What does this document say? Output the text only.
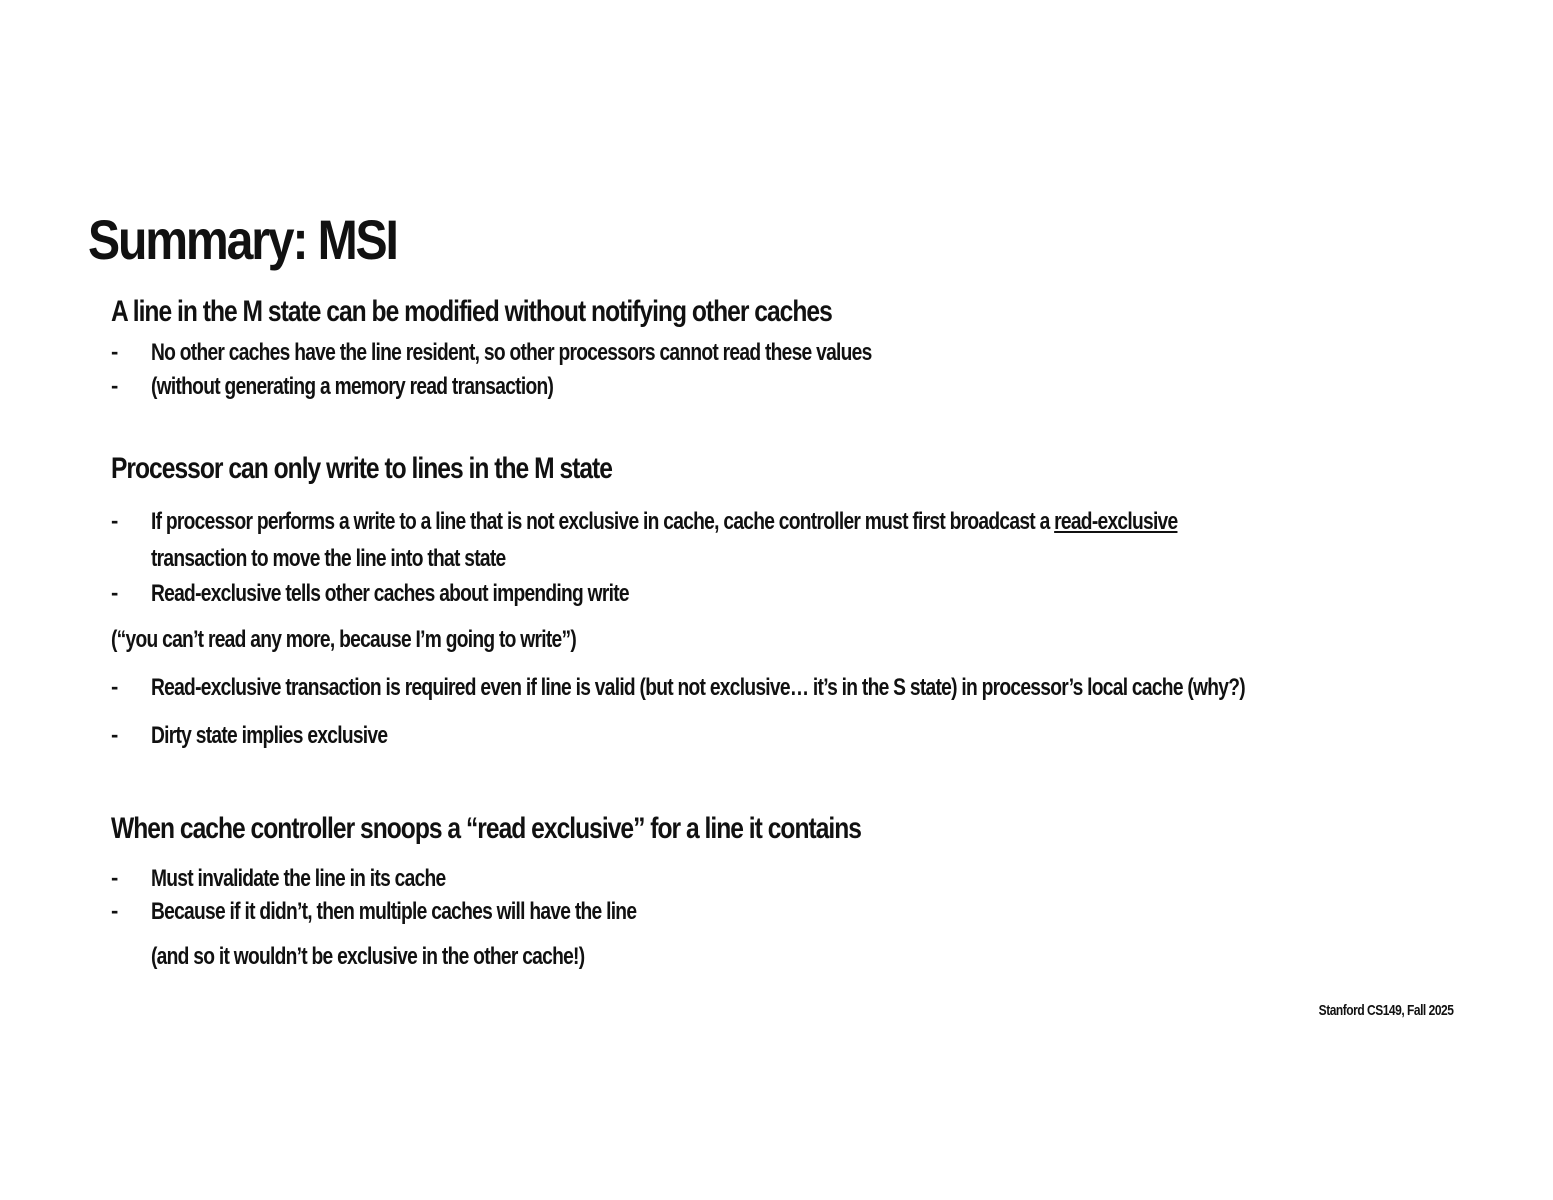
Summary: MSI
A line in the M state can be modified without notifying other caches
- No other caches have the line resident, so other processors cannot read these values
- (without generating a memory read transaction)
Processor can only write to lines in the M state
- If processor performs a write to a line that is not exclusive in cache, cache controller must first broadcast a read-exclusive
transaction to move the line into that state
- Read-exclusive tells other caches about impending write
(“you can’t read any more, because I’m going to write”)
- Read-exclusive transaction is required even if line is valid (but not exclusive… it’s in the S state) in processor’s local cache (why?)
- Dirty state implies exclusive
When cache controller snoops a “read exclusive” for a line it contains
- Must invalidate the line in its cache
- Because if it didn’t, then multiple caches will have the line
(and so it wouldn’t be exclusive in the other cache!)
Stanford CS149, Fall 2025
